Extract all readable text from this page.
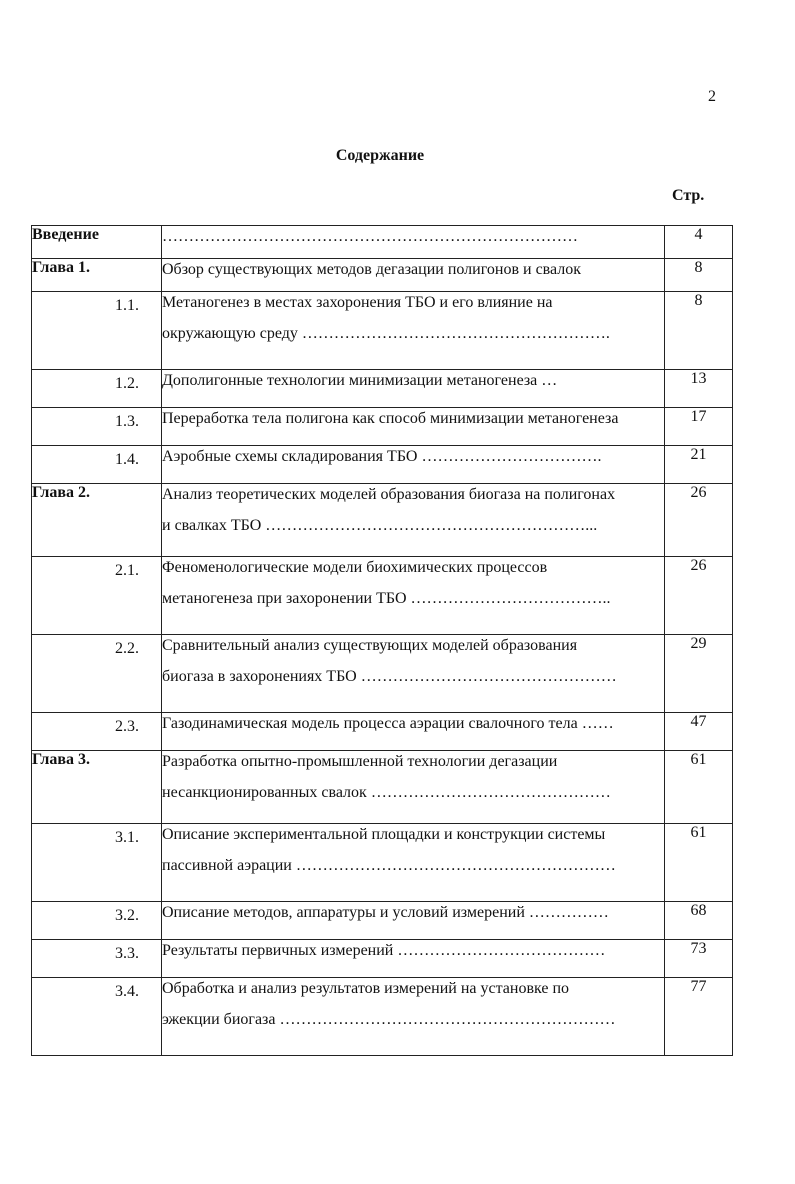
2
Содержание
Стр.
Введение	……………………………………………………………………	4
Глава 1.	Обзор существующих методов дегазации полигонов и свалок	8
1.1.	Метаногенез в местах захоронения ТБО и его влияние на
окружающую среду ………………………………………………….	8
1.2.	Дополигонные технологии минимизации метаногенеза …	13
1.3.	Переработка тела полигона как способ минимизации метаногенеза	17
1.4.	Аэробные схемы складирования ТБО …………………………….	21
Глава 2.	Анализ теоретических моделей образования биогаза на полигонах
и свалках ТБО ……………………………………………………...	26
2.1.	Феноменологические модели биохимических процессов
метаногенеза при захоронении ТБО ………………………………..	26
2.2.	Сравнительный анализ существующих моделей образования
биогаза в захоронениях ТБО …………………………………………	29
2.3.	Газодинамическая модель процесса аэрации свалочного тела ……	47
Глава 3.	Разработка опытно-промышленной технологии дегазации
несанкционированных свалок ………………………………………	61
3.1.	Описание экспериментальной площадки и конструкции системы
пассивной аэрации ……………………………………………………	61
3.2.	Описание методов, аппаратуры и условий измерений ……………	68
3.3.	Результаты первичных измерений …………………………………	73
3.4.	Обработка и анализ результатов измерений на установке по
эжекции биогаза ………………………………………………………	77
